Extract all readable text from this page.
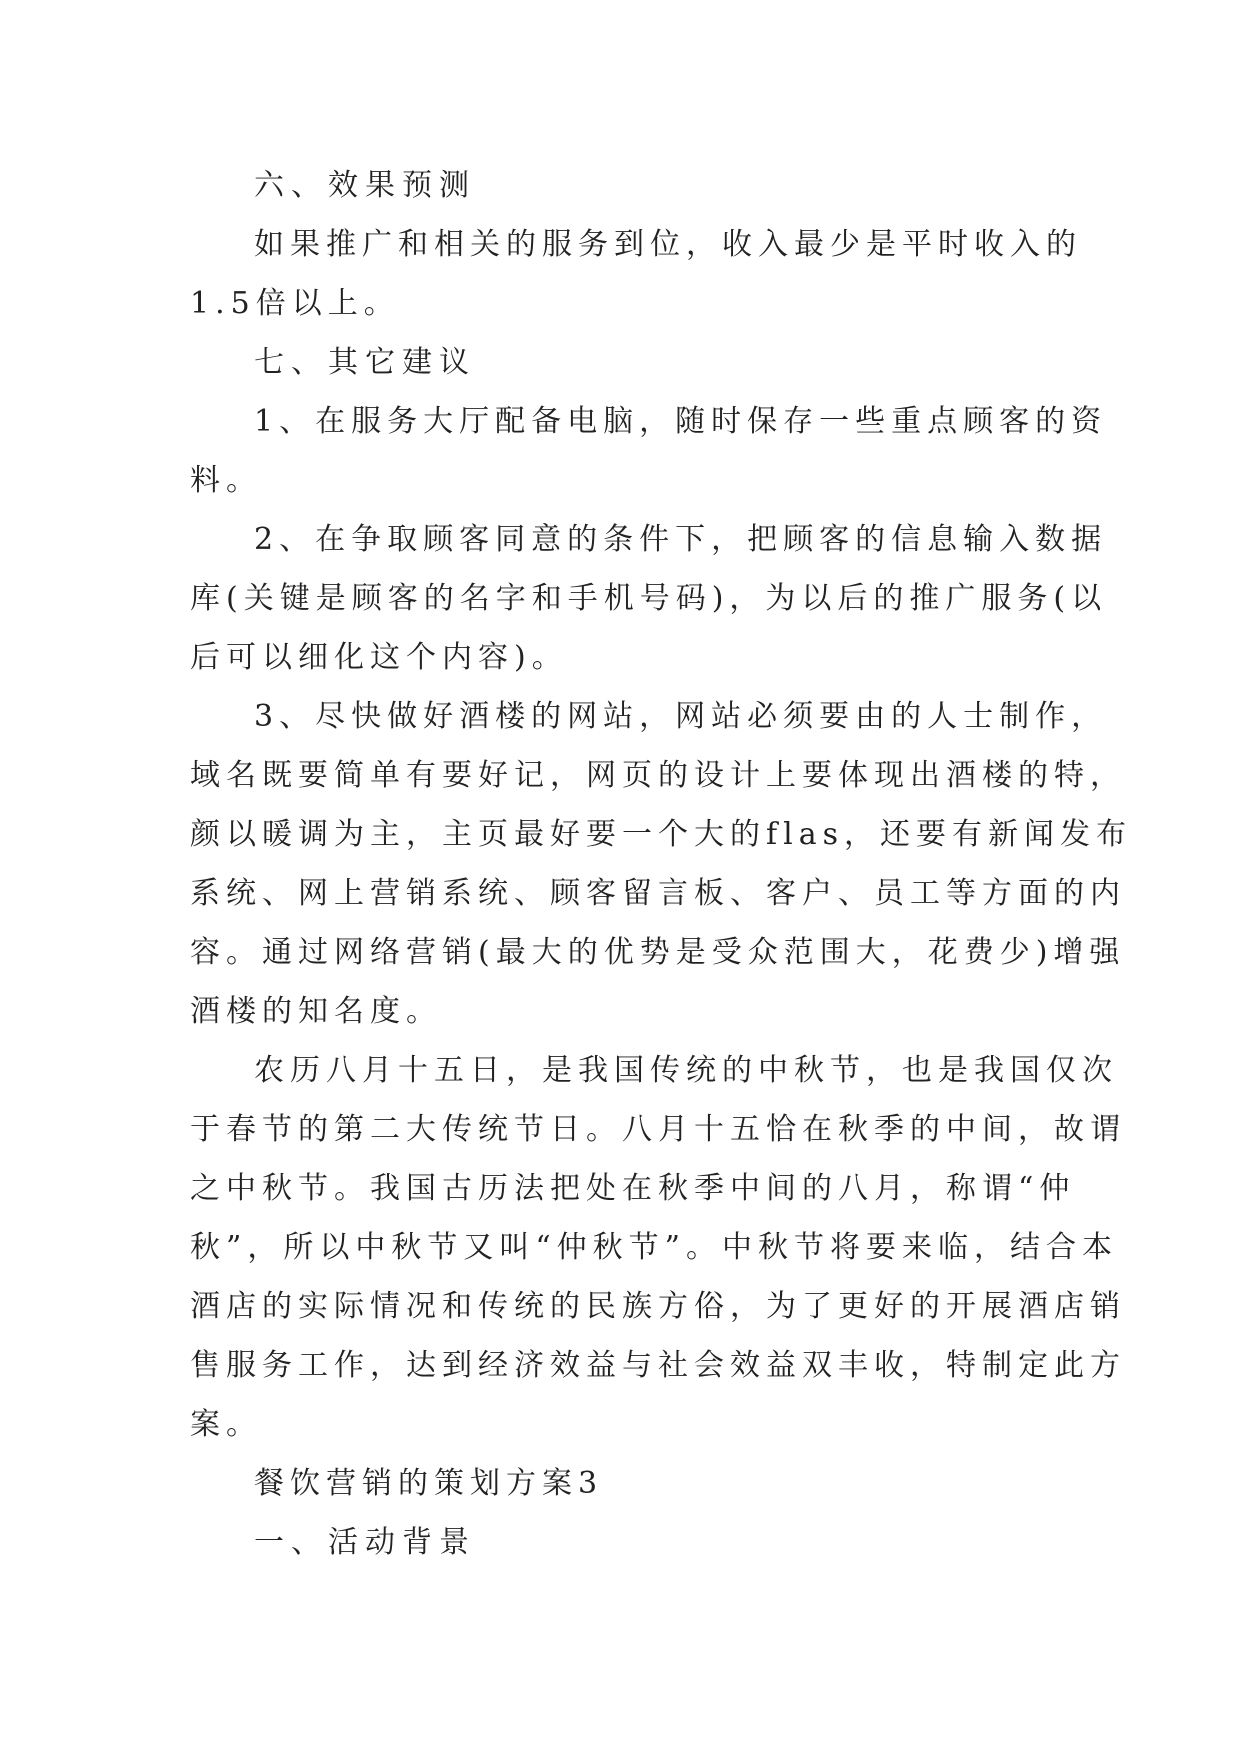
六、效果预测
如果推广和相关的服务到位，收入最少是平时收入的
1.5倍以上。
七、其它建议
1、在服务大厅配备电脑，随时保存一些重点顾客的资
料。
2、在争取顾客同意的条件下，把顾客的信息输入数据
库(关键是顾客的名字和手机号码)，为以后的推广服务(以
后可以细化这个内容)。
3、尽快做好酒楼的网站，网站必须要由的人士制作，
域名既要简单有要好记，网页的设计上要体现出酒楼的特，
颜以暖调为主，主页最好要一个大的flas，还要有新闻发布
系统、网上营销系统、顾客留言板、客户、员工等方面的内
容。通过网络营销(最大的优势是受众范围大，花费少)增强
酒楼的知名度。
农历八月十五日，是我国传统的中秋节，也是我国仅次
于春节的第二大传统节日。八月十五恰在秋季的中间，故谓
之中秋节。我国古历法把处在秋季中间的八月，称谓“仲
秋”，所以中秋节又叫“仲秋节”。中秋节将要来临，结合本
酒店的实际情况和传统的民族方俗，为了更好的开展酒店销
售服务工作，达到经济效益与社会效益双丰收，特制定此方
案。
餐饮营销的策划方案3
一、活动背景
